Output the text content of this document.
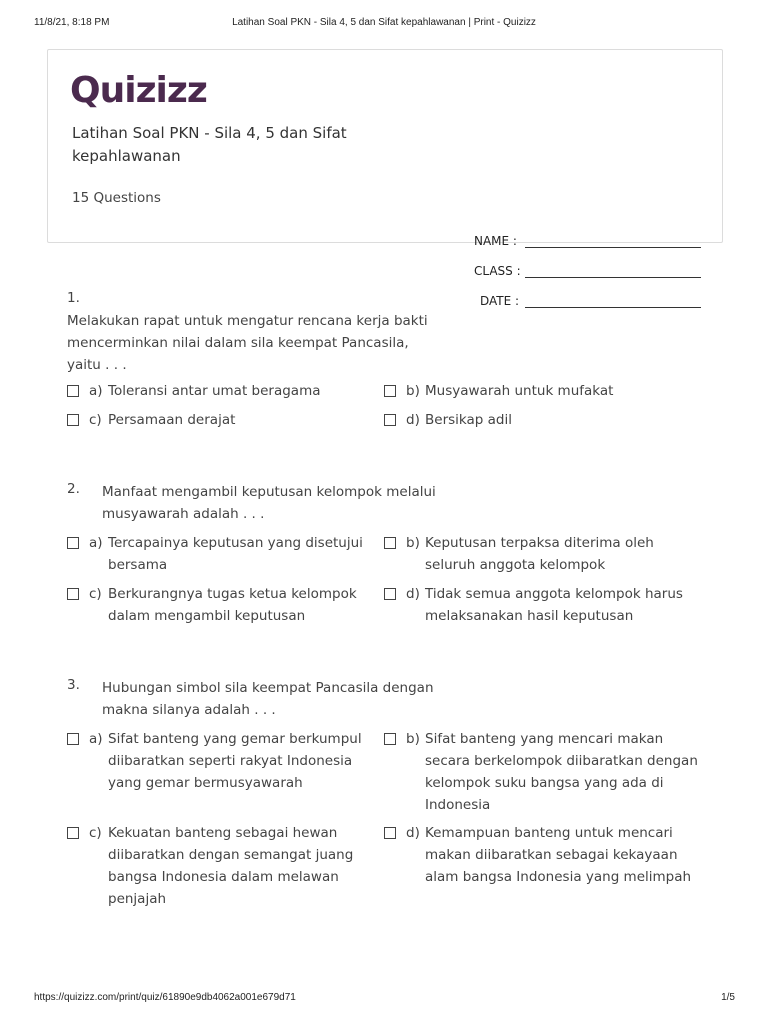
11/8/21, 8:18 PM	Latihan Soal PKN - Sila 4, 5 dan Sifat kepahlawanan | Print - Quizizz
Quizizz
Latihan Soal PKN - Sila 4, 5 dan Sifat kepahlawanan
15 Questions
NAME :
CLASS :
DATE :
1.
Melakukan rapat untuk mengatur rencana kerja bakti mencerminkan nilai dalam sila keempat Pancasila, yaitu . . .
a) Toleransi antar umat beragama	b) Musyawarah untuk mufakat
c) Persamaan derajat	d) Bersikap adil
2. Manfaat mengambil keputusan kelompok melalui musyawarah adalah . . .
a) Tercapainya keputusan yang disetujui bersama
b) Keputusan terpaksa diterima oleh seluruh anggota kelompok
c) Berkurangnya tugas ketua kelompok dalam mengambil keputusan
d) Tidak semua anggota kelompok harus melaksanakan hasil keputusan
3. Hubungan simbol sila keempat Pancasila dengan makna silanya adalah . . .
a) Sifat banteng yang gemar berkumpul diibaratkan seperti rakyat Indonesia yang gemar bermusyawarah
b) Sifat banteng yang mencari makan secara berkelompok diibaratkan dengan kelompok suku bangsa yang ada di Indonesia
c) Kekuatan banteng sebagai hewan diibaratkan dengan semangat juang bangsa Indonesia dalam melawan penjajah
d) Kemampuan banteng untuk mencari makan diibaratkan sebagai kekayaan alam bangsa Indonesia yang melimpah
https://quizizz.com/print/quiz/61890e9db4062a001e679d71	1/5
